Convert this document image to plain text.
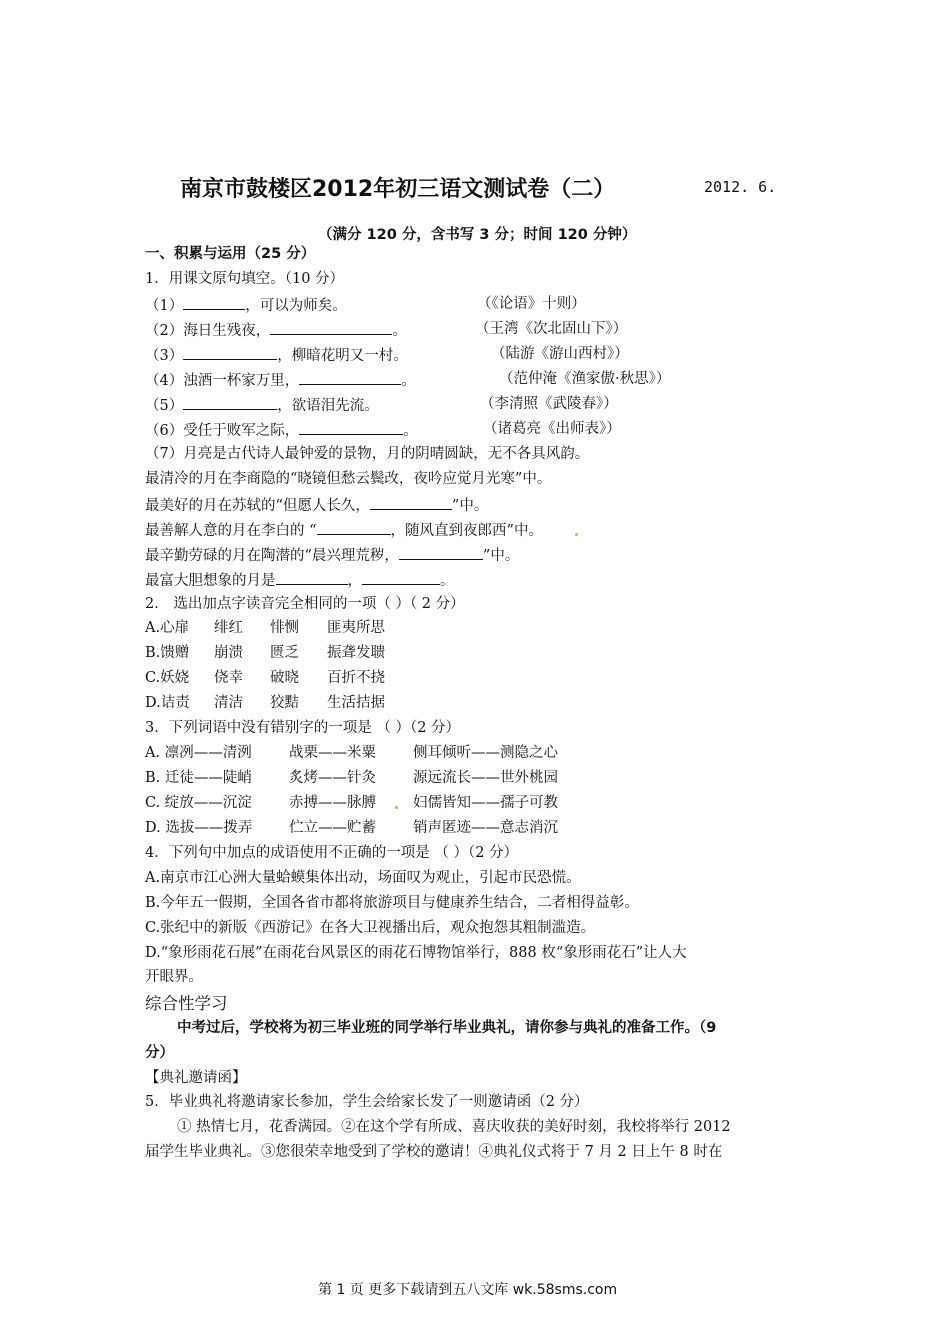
南京市鼓楼区2012年初三语文测试卷（二）	2012. 6.
（满分 120 分，含书写 3 分；时间 120 分钟）
一、积累与运用（25 分）
1．用课文原句填空。（10 分）
（1）	，可以为师矣。	（《论语》十则）
（2）海日生残夜，	。	（王湾《次北固山下》）
（3）	，柳暗花明又一村。	（陆游《游山西村》）
（4）浊酒一杯家万里，	。	（范仲淹《渔家傲·秋思》）
（5）	，欲语泪先流。	（李清照《武陵春》）
（6）受任于败军之际，	。	（诸葛亮《出师表》）
（7）月亮是古代诗人最钟爱的景物，月的阴晴圆缺，无不各具风韵。
最清冷的月在李商隐的“晓镜但愁云鬓改，夜吟应觉月光寒”中。
最美好的月在苏轼的“但愿人长久，	”中。
最善解人意的月在李白的 “	，随风直到夜郎西”中。
最辛勤劳碌的月在陶潜的“晨兴理荒秽，	”中。
最富大胆想象的月是	，	。
2． 选出加点字读音完全相同的一项（ ）（ 2 分）
A.心扉 绯红 悱恻 匪夷所思
B.馈赠 崩溃 匮乏 振聋发聩
C.妖娆 侥幸 破晓 百折不挠
D.诘责 清洁 狡黠 生活拮据
3．下列词语中没有错别字的一项是 （ ）（2 分）
A. 凛冽——清洌	战栗——米粟	侧耳倾听——测隐之心
B. 迁徒——陡峭	炙烤——针灸	源远流长——世外桃园
C. 绽放——沉淀	赤搏——脉膊	妇儒皆知——孺子可教
D. 选拔——拨弄	伫立——贮蓄	销声匿迹——意志消沉
4．下列句中加点的成语使用不正确的一项是 （ ）（2 分）
A.南京市江心洲大量蛤蟆集体出动，场面叹为观止，引起市民恐慌。
B.今年五一假期，全国各省市都将旅游项目与健康养生结合，二者相得益彰。
C.张纪中的新版《西游记》在各大卫视播出后，观众抱怨其粗制滥造。
D.“象形雨花石展”在雨花台风景区的雨花石博物馆举行，888 枚“象形雨花石”让人大
开眼界。
综合性学习
中考过后，学校将为初三毕业班的同学举行毕业典礼，请你参与典礼的准备工作。（9
分）
【典礼邀请函】
5．毕业典礼将邀请家长参加，学生会给家长发了一则邀请函（2 分）
① 热情七月，花香满园。②在这个学有所成、喜庆收获的美好时刻，我校将举行 2012
届学生毕业典礼。③您很荣幸地受到了学校的邀请！④典礼仪式将于 7 月 2 日上午 8 时在
第 1 页 更多下载请到五八文库 wk.58sms.com
